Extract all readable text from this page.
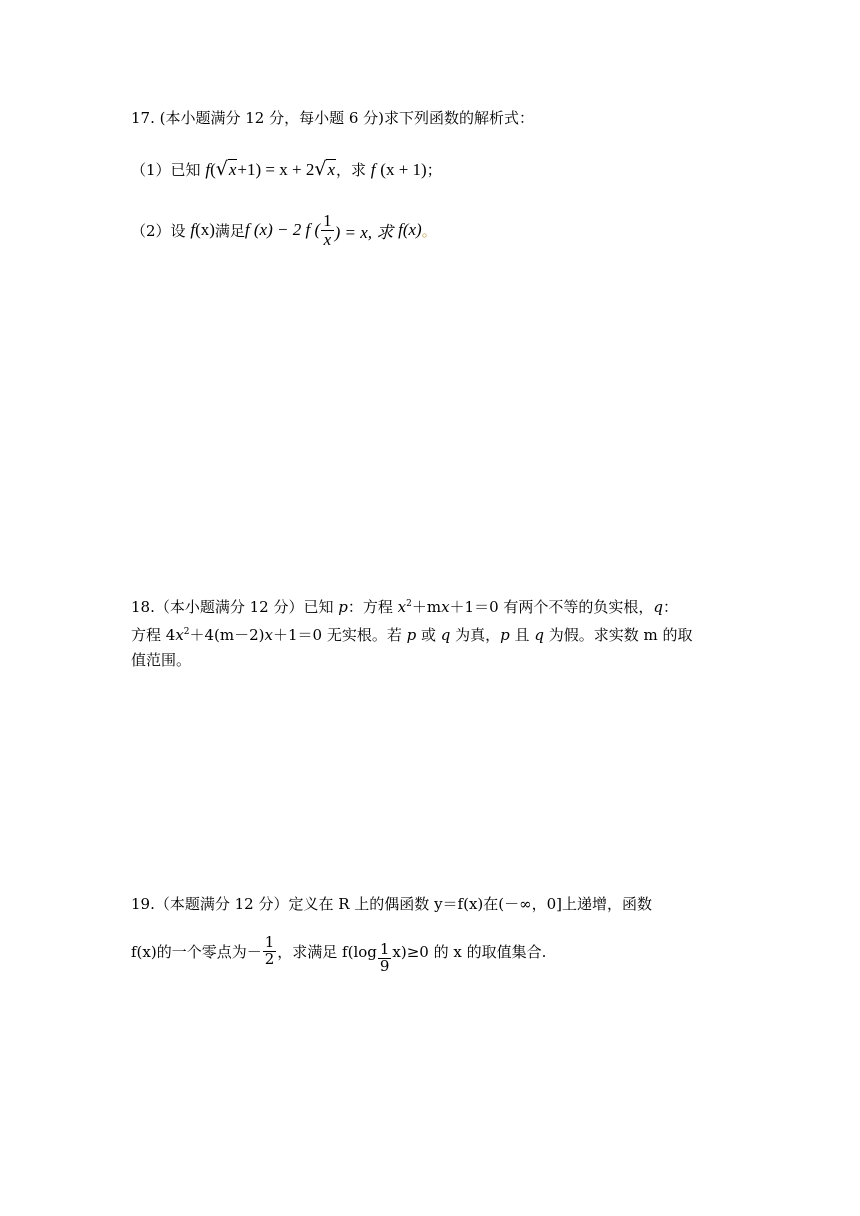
17. (本小题满分 12 分，每小题 6 分)求下列函数的解析式：
（1）已知 f(√x+1) = x + 2√x，求 f (x + 1)；
（2）设
f (x) 满足 f (x) − 2 f ( $\frac{1}{x}$ ) = x, 求
f (x) 。
18.（本小题满分 12 分）已知 p：方程 $x^2+mx+1=0$ 有两个不等的负实根，q：
方程 $4x^2+4(m-2)x+1=0$ 无实根。若 p 或 q 为真，p 且 q 为假。求实数 m 的取
值范围。
19.（本题满分 12 分）定义在 R 上的偶函数 y＝f(x)在(－∞，0]上递增，函数
f(x)的一个零点为－ $\frac{1}{2}$ ，求满足 $f(\log \frac{1}{9} x)\ge 0$ 的 x 的取值集合.
